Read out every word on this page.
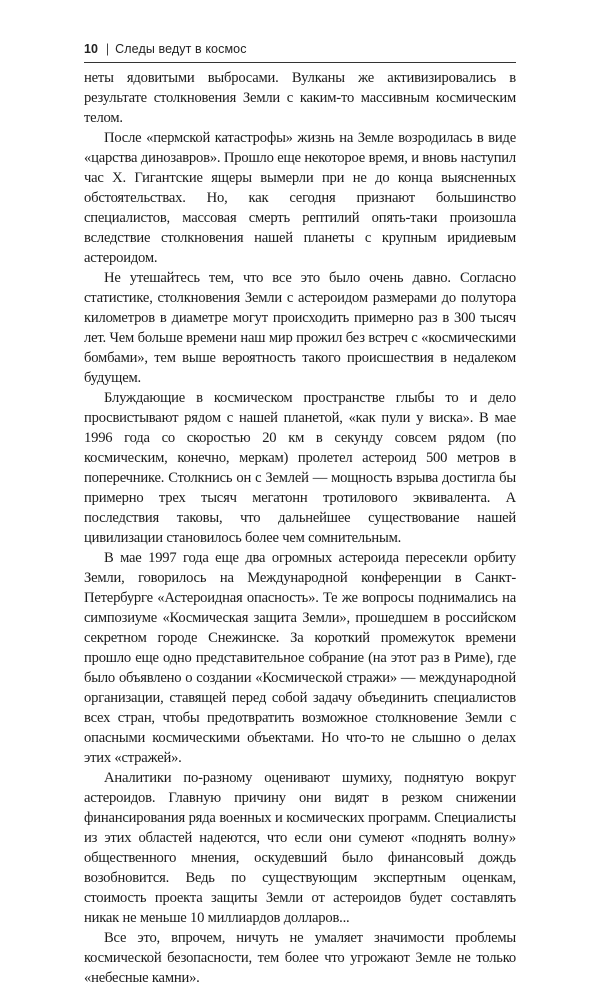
10 | Следы ведут в космос

неты ядовитыми выбросами. Вулканы же активизировались в результате столкновения Земли с каким-то массивным космическим телом.

После «пермской катастрофы» жизнь на Земле возродилась в виде «царства динозавров». Прошло еще некоторое время, и вновь наступил час Х. Гигантские ящеры вымерли при не до конца выясненных обстоятельствах. Но, как сегодня признают большинство специалистов, массовая смерть рептилий опять-таки произошла вследствие столкновения нашей планеты с крупным иридиевым астероидом.

Не утешайтесь тем, что все это было очень давно. Согласно статистике, столкновения Земли с астероидом размерами до полутора километров в диаметре могут происходить примерно раз в 300 тысяч лет. Чем больше времени наш мир прожил без встреч с «космическими бомбами», тем выше вероятность такого происшествия в недалеком будущем.

Блуждающие в космическом пространстве глыбы то и дело просвистывают рядом с нашей планетой, «как пули у виска». В мае 1996 года со скоростью 20 км в секунду совсем рядом (по космическим, конечно, меркам) пролетел астероид 500 метров в поперечнике. Столкнись он с Землей — мощность взрыва достигла бы примерно трех тысяч мегатонн тротилового эквивалента. А последствия таковы, что дальнейшее существование нашей цивилизации становилось более чем сомнительным.

В мае 1997 года еще два огромных астероида пересекли орбиту Земли, говорилось на Международной конференции в Санкт-Петербурге «Астероидная опасность». Те же вопросы поднимались на симпозиуме «Космическая защита Земли», прошедшем в российском секретном городе Снежинске. За короткий промежуток времени прошло еще одно представительное собрание (на этот раз в Риме), где было объявлено о создании «Космической стражи» — международной организации, ставящей перед собой задачу объединить специалистов всех стран, чтобы предотвратить возможное столкновение Земли с опасными космическими объектами. Но что-то не слышно о делах этих «стражей».

Аналитики по-разному оценивают шумиху, поднятую вокруг астероидов. Главную причину они видят в резком снижении финансирования ряда военных и космических программ. Специалисты из этих областей надеются, что если они сумеют «поднять волну» общественного мнения, оскудевший было финансовый дождь возобновится. Ведь по существующим экспертным оценкам, стоимость проекта защиты Земли от астероидов будет составлять никак не меньше 10 миллиардов долларов...

Все это, впрочем, ничуть не умаляет значимости проблемы космической безопасности, тем более что угрожают Земле не только «небесные камни».
